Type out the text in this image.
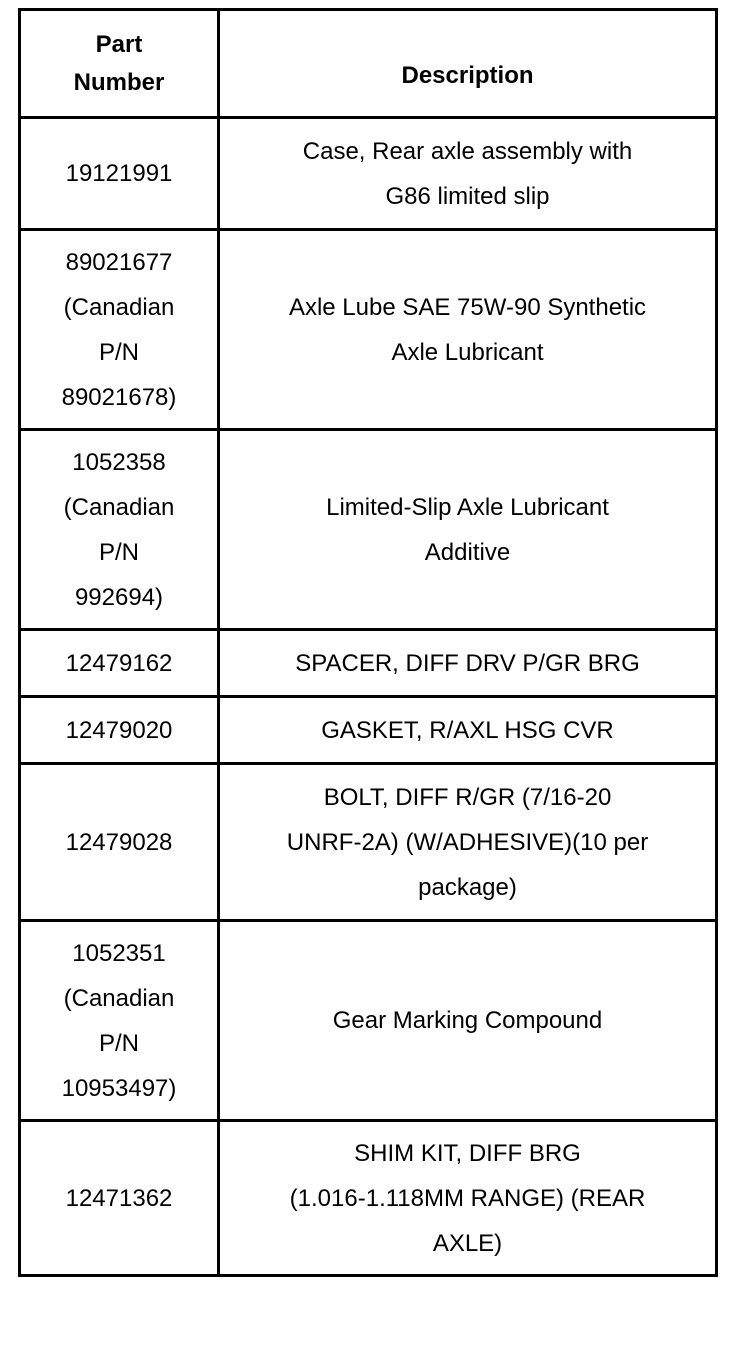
Part
Number	Description

19121991	Case, Rear axle assembly with
G86 limited slip

89021677
(Canadian
P/N
89021678)	Axle Lube SAE 75W-90 Synthetic
Axle Lubricant

1052358
(Canadian
P/N
992694)	Limited-Slip Axle Lubricant
Additive

12479162	SPACER, DIFF DRV P/GR BRG

12479020	GASKET, R/AXL HSG CVR

12479028	BOLT, DIFF R/GR (7/16-20
UNRF-2A) (W/ADHESIVE)(10 per
package)

1052351
(Canadian
P/N
10953497)	Gear Marking Compound

12471362	SHIM KIT, DIFF BRG
(1.016-1.118MM RANGE) (REAR
AXLE)
